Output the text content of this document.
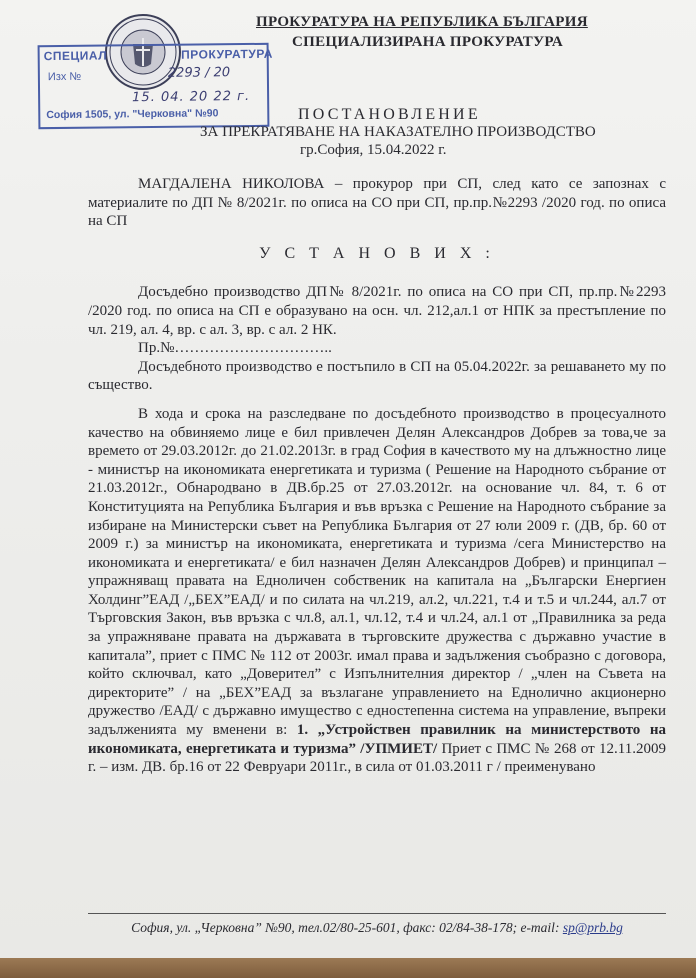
СПЕЦИАЛ	ПРОКУРАТУРА
Изх №	2293 / 20
15. 04. 20 22 г.
София 1505, ул. "Черковна" №90
ПРОКУРАТУРА НА РЕПУБЛИКА БЪЛГАРИЯ
СПЕЦИАЛИЗИРАНА ПРОКУРАТУРА
ПОСТАНОВЛЕНИЕ
ЗА ПРЕКРАТЯВАНЕ НА НАКАЗАТЕЛНО ПРОИЗВОДСТВО
гр.София, 15.04.2022 г.

МАГДАЛЕНА НИКОЛОВА – прокурор при СП, след като се запознах с материалите по ДП № 8/2021г. по описа на СО при СП, пр.пр.№2293 /2020 год. по описа на СП

У С Т А Н О В И Х :

Досъдебно производство ДП№ 8/2021г. по описа на СО при СП, пр.пр.№2293 /2020 год. по описа на СП е образувано на осн. чл. 212,ал.1 от НПК за престъпление по чл. 219, ал. 4, вр. с ал. 3, вр. с ал. 2 НК.

Пр.№…………………………..

Досъдебното производство е постъпило в СП на 05.04.2022г. за решаването му по същество.

В хода и срока на разследване по досъдебното производство в процесуалното качество на обвиняемо лице е бил привлечен Делян Александров Добрев за това,че за времето от 29.03.2012г. до 21.02.2013г. в град София в качеството му на длъжностно лице - министър на икономиката енергетиката и туризма ( Решение на Народното събрание от 21.03.2012г., Обнародвано в ДВ.бр.25 от 27.03.2012г. на основание чл. 84, т. 6 от Конституцията на Република България и във връзка с Решение на Народното събрание за избиране на Министерски съвет на Република България от 27 юли 2009 г. (ДВ, бр. 60 от 2009 г.) за министър на икономиката, енергетиката и туризма /сега Министерство на икономиката и енергетиката/ е бил назначен Делян Александров Добрев) и принципал – упражняващ правата на Едноличен собственик на капитала на „Български Енергиен Холдинг”ЕАД /„БЕХ”ЕАД/ и по силата на чл.219, ал.2, чл.221, т.4 и т.5 и чл.244, ал.7 от Търговския Закон, във връзка с чл.8, ал.1, чл.12, т.4 и чл.24, ал.1 от „Правилника за реда за упражняване правата на държавата в търговските дружества с държавно участие в капитала”, приет с ПМС № 112 от 2003г. имал права и задължения съобразно с договора, който сключвал, като „Доверител” с Изпълнителния директор / „член на Съвета на директорите” / на „БЕХ”ЕАД за възлагане управлението на Еднолично акционерно дружество /ЕАД/ с държавно имущество с едностепенна система на управление, въпреки задълженията му вменени в: 1. „Устройствен правилник на министерството на икономиката, енергетиката и туризма” /УПМИЕТ/ Приет с ПМС № 268 от 12.11.2009 г. – изм. ДВ. бр.16 от 22 Февруари 2011г., в сила от 01.03.2011 г / преименувано

София, ул. „Черковна” №90, тел.02/80-25-601, факс: 02/84-38-178; e-mail: sp@prb.bg
